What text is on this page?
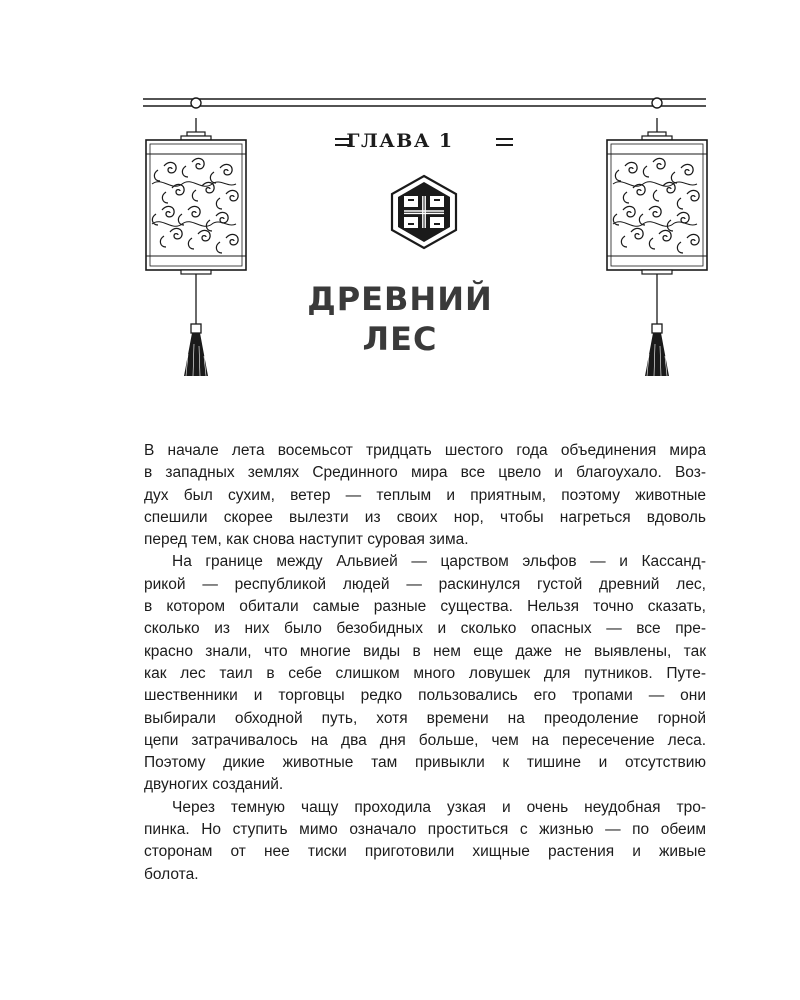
ГЛАВА 1
ДРЕВНИЙ
ЛЕС
В начале лета восемьсот тридцать шестого года объединения мира
в западных землях Срединного мира все цвело и благоухало. Воз-
дух был сухим, ветер — теплым и приятным, поэтому животные
спешили скорее вылезти из своих нор, чтобы нагреться вдоволь
перед тем, как снова наступит суровая зима.
На границе между Альвией — царством эльфов — и Кассанд-
рикой — республикой людей — раскинулся густой древний лес,
в котором обитали самые разные существа. Нельзя точно сказать,
сколько из них было безобидных и сколько опасных — все пре-
красно знали, что многие виды в нем еще даже не выявлены, так
как лес таил в себе слишком много ловушек для путников. Путе-
шественники и торговцы редко пользовались его тропами — они
выбирали обходной путь, хотя времени на преодоление горной
цепи затрачивалось на два дня больше, чем на пересечение леса.
Поэтому дикие животные там привыкли к тишине и отсутствию
двуногих созданий.
Через темную чащу проходила узкая и очень неудобная тро-
пинка. Но ступить мимо означало проститься с жизнью — по обеим
сторонам от нее тиски приготовили хищные растения и живые
болота.
